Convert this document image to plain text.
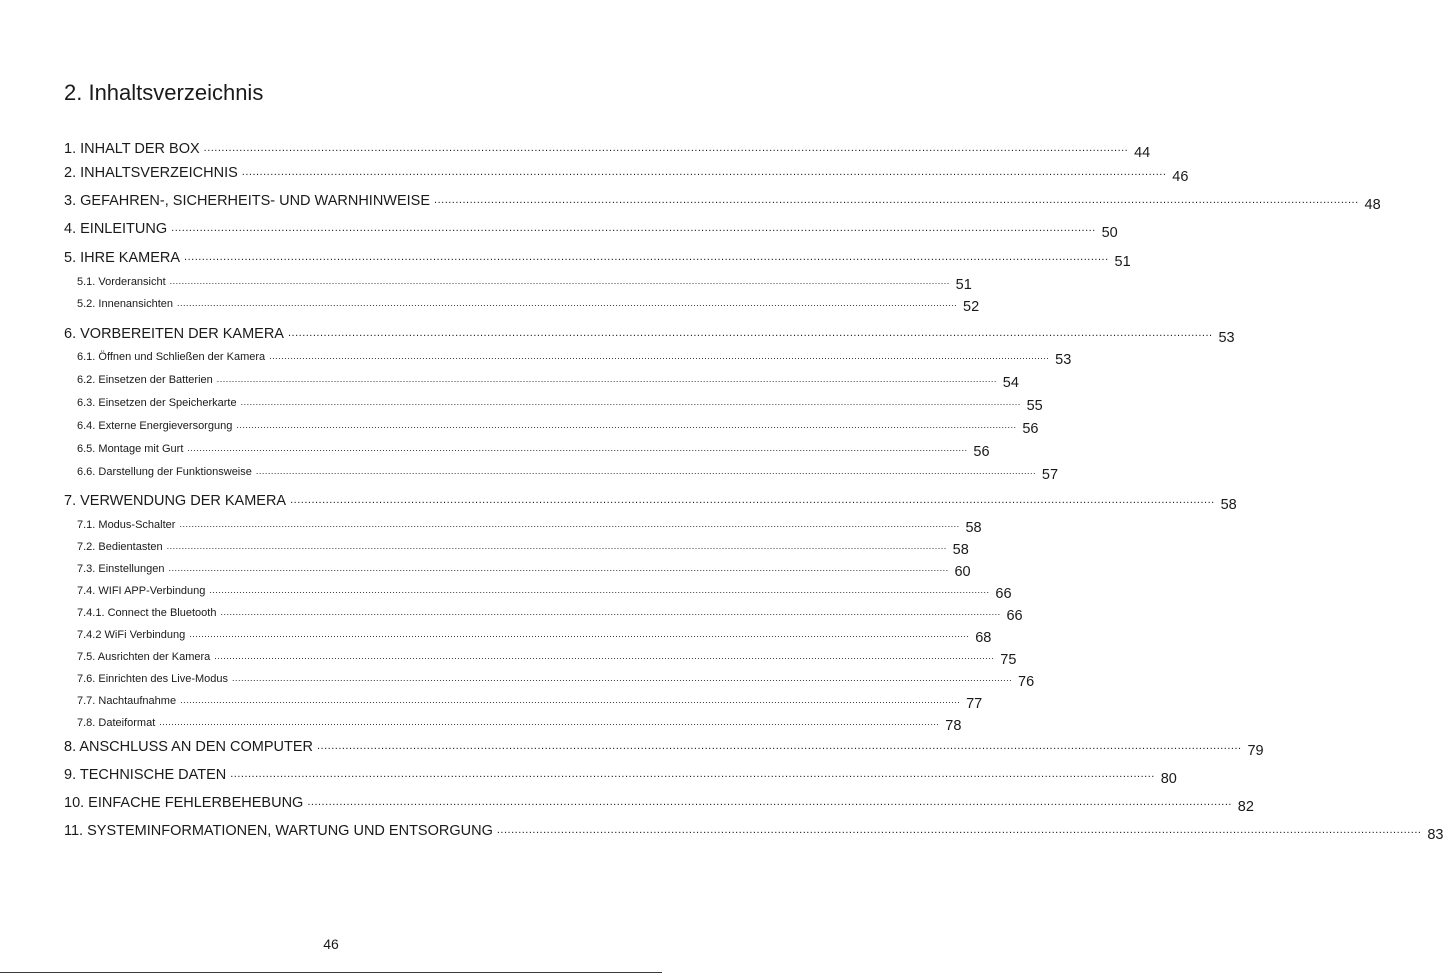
2. Inhaltsverzeichnis
1. INHALT DER BOX .................................................................................................................................................................................................................................................................... 44
2. INHALTSVERZEICHNIS .................................................................................................................................................................................................................................................................... 46
3. GEFAHREN-, SICHERHEITS- UND WARNHINWEISE .................................................................................................................................................................................................................................................................... 48
4. EINLEITUNG .................................................................................................................................................................................................................................................................... 50
5. IHRE KAMERA .................................................................................................................................................................................................................................................................... 51
5.1. Vorderansicht .................................................................................................................................................................................................................................................................... 51
5.2. Innenansichten .................................................................................................................................................................................................................................................................... 52
6. VORBEREITEN DER KAMERA .................................................................................................................................................................................................................................................................... 53
6.1. Öffnen und Schließen der Kamera .................................................................................................................................................................................................................................................................... 53
6.2. Einsetzen der Batterien .................................................................................................................................................................................................................................................................... 54
6.3. Einsetzen der Speicherkarte .................................................................................................................................................................................................................................................................... 55
6.4. Externe Energieversorgung .................................................................................................................................................................................................................................................................... 56
6.5. Montage mit Gurt .................................................................................................................................................................................................................................................................... 56
6.6. Darstellung der Funktionsweise .................................................................................................................................................................................................................................................................... 57
7. VERWENDUNG DER KAMERA .................................................................................................................................................................................................................................................................... 58
7.1. Modus-Schalter .................................................................................................................................................................................................................................................................... 58
7.2. Bedientasten .................................................................................................................................................................................................................................................................... 58
7.3. Einstellungen .................................................................................................................................................................................................................................................................... 60
7.4. WIFI APP-Verbindung .................................................................................................................................................................................................................................................................... 66
7.4.1. Connect the Bluetooth .................................................................................................................................................................................................................................................................... 66
7.4.2 WiFi Verbindung .................................................................................................................................................................................................................................................................... 68
7.5. Ausrichten der Kamera .................................................................................................................................................................................................................................................................... 75
7.6. Einrichten des Live-Modus .................................................................................................................................................................................................................................................................... 76
7.7. Nachtaufnahme .................................................................................................................................................................................................................................................................... 77
7.8. Dateiformat .................................................................................................................................................................................................................................................................... 78
8. ANSCHLUSS AN DEN COMPUTER .................................................................................................................................................................................................................................................................... 79
9. TECHNISCHE DATEN .................................................................................................................................................................................................................................................................... 80
10. EINFACHE FEHLERBEHEBUNG .................................................................................................................................................................................................................................................................... 82
11. SYSTEMINFORMATIONEN, WARTUNG UND ENTSORGUNG .................................................................................................................................................................................................................................................................... 83
46
